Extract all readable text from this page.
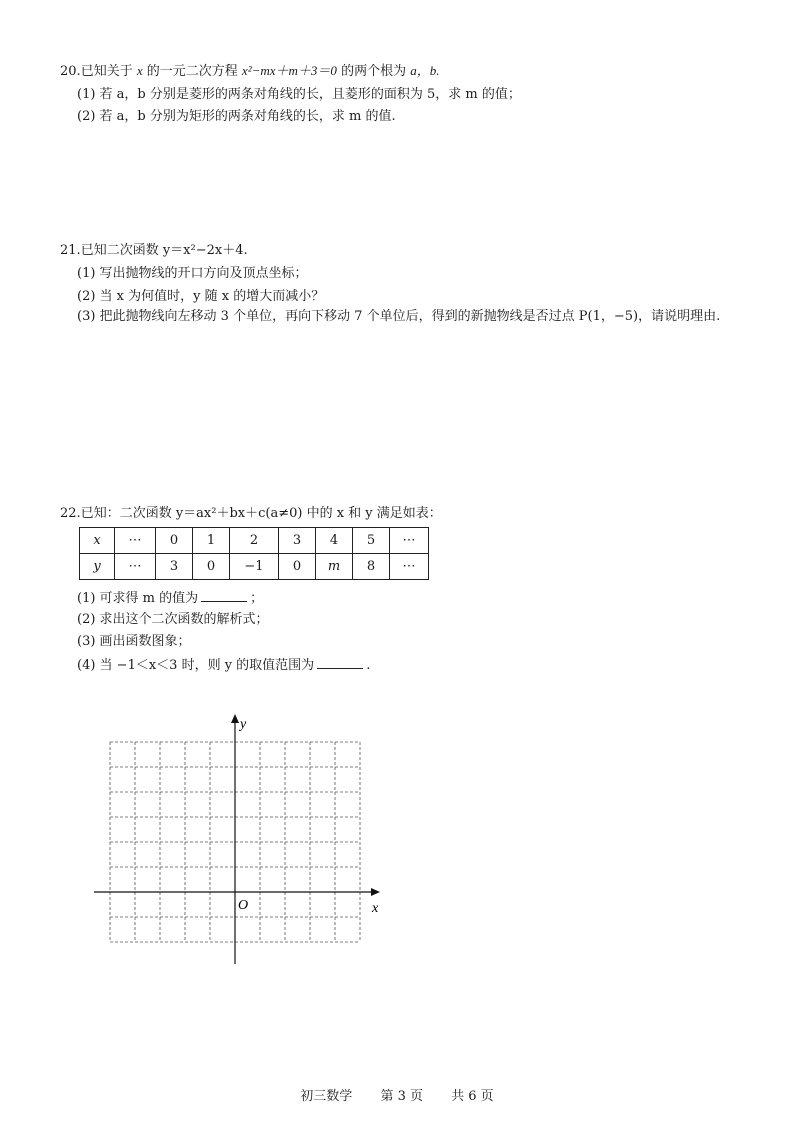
20.已知关于 x 的一元二次方程 x²−mx＋m＋3＝0 的两个根为 a，b.
(1) 若 a，b 分别是菱形的两条对角线的长，且菱形的面积为 5，求 m 的值；
(2) 若 a，b 分别为矩形的两条对角线的长，求 m 的值.
21.已知二次函数 y＝x²−2x＋4.
(1) 写出抛物线的开口方向及顶点坐标；
(2) 当 x 为何值时，y 随 x 的增大而减小？
(3) 把此抛物线向左移动 3 个单位，再向下移动 7 个单位后，得到的新抛物线是否过点 P(1，−5)，请说明理由.
22.已知：二次函数 y＝ax²＋bx＋c(a≠0) 中的 x 和 y 满足如表：
x	⋯	0	1	2	3	4	5	⋯
y	⋯	3	0	−1	0	m	8	⋯
(1) 可求得 m 的值为	；
(2) 求出这个二次函数的解析式；
(3) 画出函数图象；
(4) 当 −1＜x＜3 时，则 y 的取值范围为	.
x
y
O
初三数学 第 3 页 共 6 页
